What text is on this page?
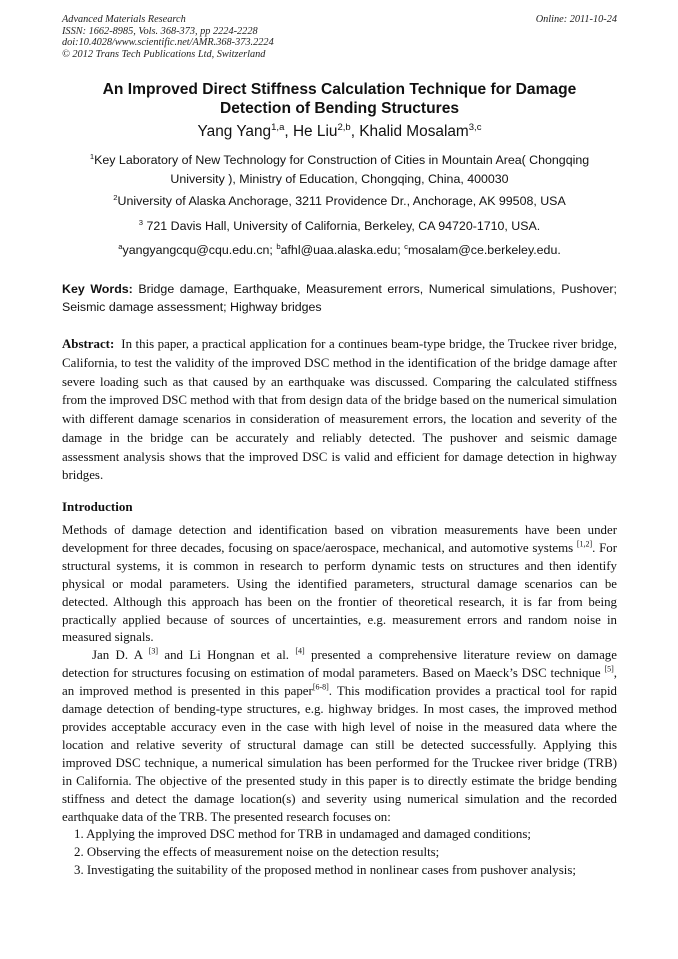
Advanced Materials Research
ISSN: 1662-8985, Vols. 368-373, pp 2224-2228
doi:10.4028/www.scientific.net/AMR.368-373.2224
© 2012 Trans Tech Publications Ltd, Switzerland
Online: 2011-10-24
An Improved Direct Stiffness Calculation Technique for Damage
Detection of Bending Structures
Yang Yang$^{1,a}$, He Liu$^{2,b}$, Khalid Mosalam$^{3,c}$
$^1$Key Laboratory of New Technology for Construction of Cities in Mountain Area( Chongqing University ), Ministry of Education, Chongqing, China, 400030
$^2$University of Alaska Anchorage, 3211 Providence Dr., Anchorage, AK 99508, USA
$^3$ 721 Davis Hall, University of California, Berkeley, CA 94720-1710, USA.
$^a$yangyangcqu@cqu.edu.cn; $^b$afhl@uaa.alaska.edu; $^c$mosalam@ce.berkeley.edu.
Key Words: Bridge damage, Earthquake, Measurement errors, Numerical simulations, Pushover; Seismic damage assessment; Highway bridges
Abstract: In this paper, a practical application for a continues beam-type bridge, the Truckee river bridge, California, to test the validity of the improved DSC method in the identification of the bridge damage after severe loading such as that caused by an earthquake was discussed. Comparing the calculated stiffness from the improved DSC method with that from design data of the bridge based on the numerical simulation with different damage scenarios in consideration of measurement errors, the location and severity of the damage in the bridge can be accurately and reliably detected. The pushover and seismic damage assessment analysis shows that the improved DSC is valid and efficient for damage detection in highway bridges.
Introduction

Methods of damage detection and identification based on vibration measurements have been under development for three decades, focusing on space/aerospace, mechanical, and automotive systems [1,2]. For structural systems, it is common in research to perform dynamic tests on structures and then identify physical or modal parameters. Using the identified parameters, structural damage scenarios can be detected. Although this approach has been on the frontier of theoretical research, it is far from being practically applied because of sources of uncertainties, e.g. measurement errors and random noise in measured signals.

Jan D. A [3] and Li Hongnan et al. [4] presented a comprehensive literature review on damage detection for structures focusing on estimation of modal parameters. Based on Maeck’s DSC technique [5], an improved method is presented in this paper[6-8]. This modification provides a practical tool for rapid damage detection of bending-type structures, e.g. highway bridges. In most cases, the improved method provides acceptable accuracy even in the case with high level of noise in the measured data where the location and relative severity of structural damage can still be detected successfully. Applying this improved DSC technique, a numerical simulation has been performed for the Truckee river bridge (TRB) in California. The objective of the presented study in this paper is to directly estimate the bridge bending stiffness and detect the damage location(s) and severity using numerical simulation and the recorded earthquake data of the TRB. The presented research focuses on:

1. Applying the improved DSC method for TRB in undamaged and damaged conditions;
2. Observing the effects of measurement noise on the detection results;
3. Investigating the suitability of the proposed method in nonlinear cases from pushover analysis;
